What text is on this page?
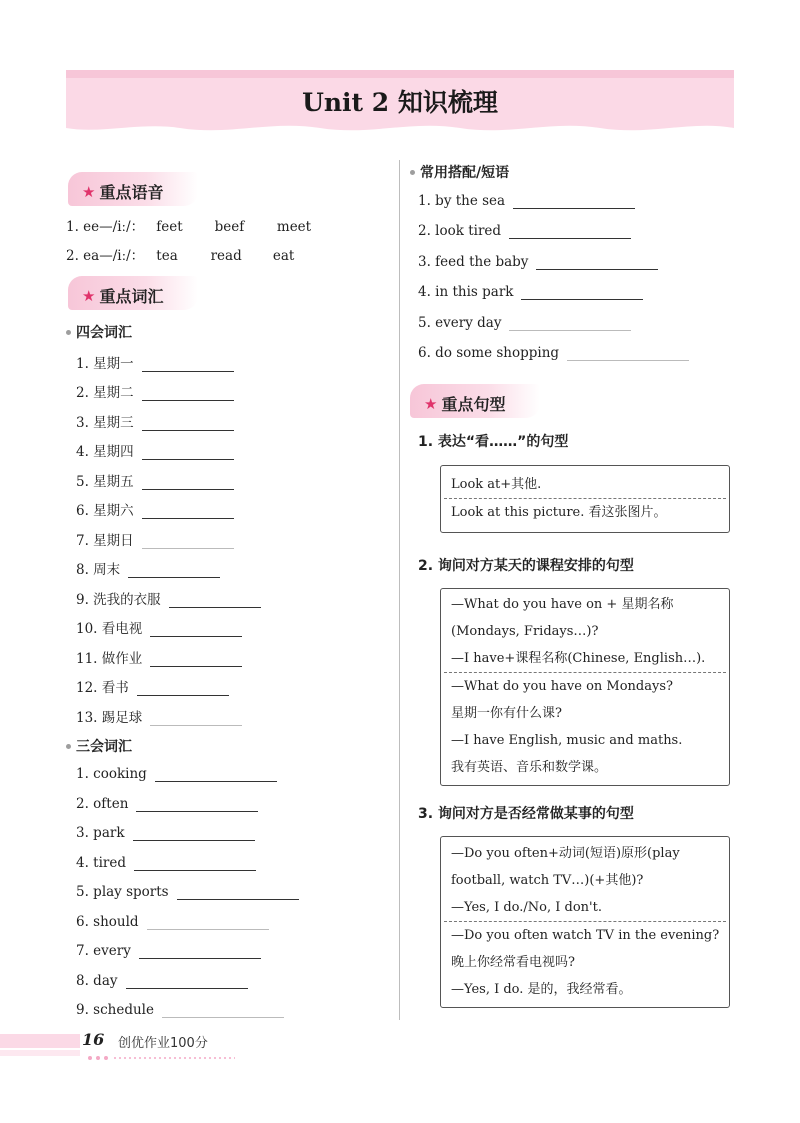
Unit 2 知识梳理
★ 重点语音
1. ee—/iː/： feet beef meet
2. ea—/iː/： tea read eat
★ 重点词汇
四会词汇
1. 星期一
2. 星期二
3. 星期三
4. 星期四
5. 星期五
6. 星期六
7. 星期日
8. 周末
9. 洗我的衣服
10. 看电视
11. 做作业
12. 看书
13. 踢足球
三会词汇
1. cooking
2. often
3. park
4. tired
5. play sports
6. should
7. every
8. day
9. schedule
常用搭配/短语
1. by the sea
2. look tired
3. feed the baby
4. in this park
5. every day
6. do some shopping
★ 重点句型
1. 表达“看……”的句型
Look at+其他.
Look at this picture. 看这张图片。
2. 询问对方某天的课程安排的句型
—What do you have on + 星期名称
(Mondays, Fridays…)?
—I have+课程名称(Chinese, English…).
—What do you have on Mondays?
星期一你有什么课?
—I have English, music and maths.
我有英语、音乐和数学课。
3. 询问对方是否经常做某事的句型
—Do you often+动词(短语)原形(play
football, watch TV…)(+其他)?
—Yes, I do./No, I don't.
—Do you often watch TV in the evening?
晚上你经常看电视吗?
—Yes, I do. 是的，我经常看。
16 创优作业100分
